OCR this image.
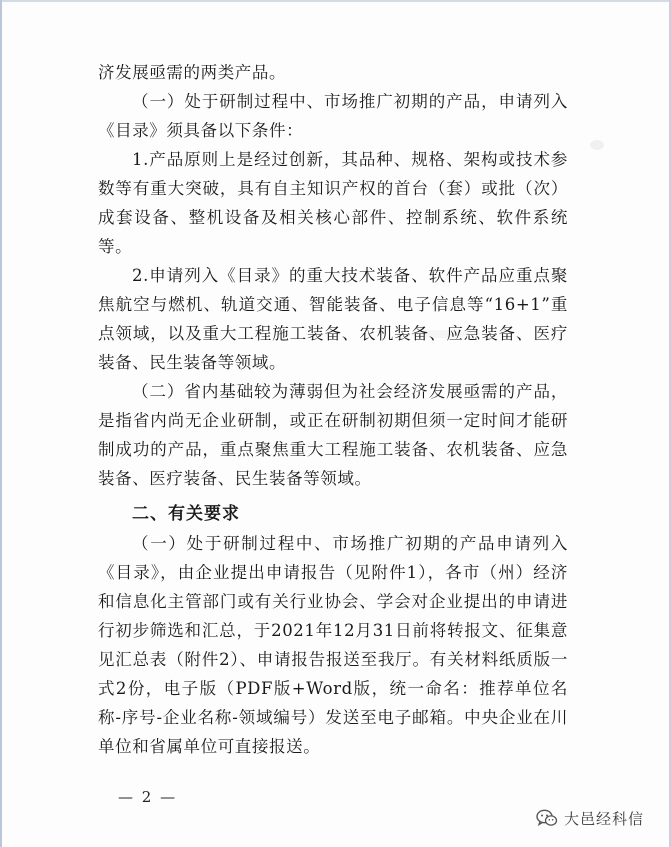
济发展亟需的两类产品。

（一）处于研制过程中、市场推广初期的产品，申请列入《目录》须具备以下条件：

1.产品原则上是经过创新，其品种、规格、架构或技术参数等有重大突破，具有自主知识产权的首台（套）或批（次）成套设备、整机设备及相关核心部件、控制系统、软件系统等。

2.申请列入《目录》的重大技术装备、软件产品应重点聚焦航空与燃机、轨道交通、智能装备、电子信息等“16+1”重点领域，以及重大工程施工装备、农机装备、应急装备、医疗装备、民生装备等领域。

（二）省内基础较为薄弱但为社会经济发展亟需的产品，是指省内尚无企业研制，或正在研制初期但须一定时间才能研制成功的产品，重点聚焦重大工程施工装备、农机装备、应急装备、医疗装备、民生装备等领域。

二、有关要求

（一）处于研制过程中、市场推广初期的产品申请列入《目录》，由企业提出申请报告（见附件1），各市（州）经济和信息化主管部门或有关行业协会、学会对企业提出的申请进行初步筛选和汇总，于2021年12月31日前将转报文、征集意见汇总表（附件2）、申请报告报送至我厅。有关材料纸质版一式2份，电子版（PDF版+Word版，统一命名：推荐单位名称-序号-企业名称-领域编号）发送至电子邮箱。中央企业在川单位和省属单位可直接报送。

— 2 —
大邑经科信
